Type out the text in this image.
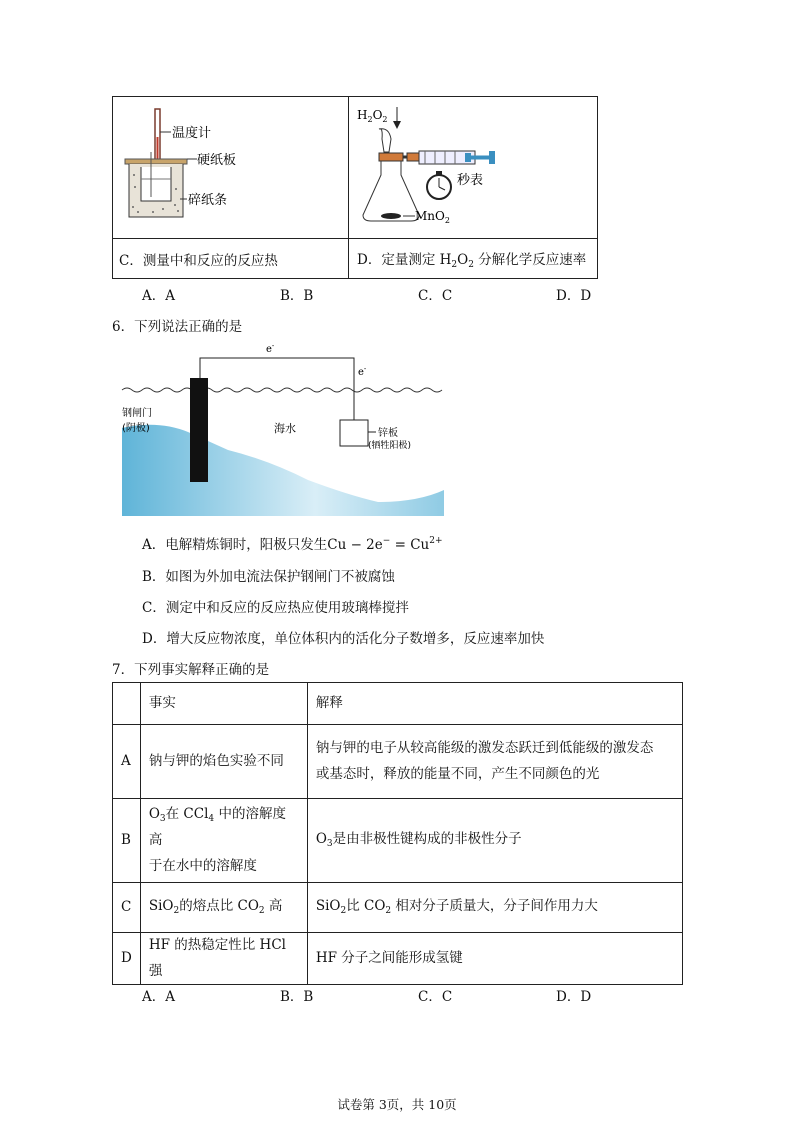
温度计
硬纸板
碎纸条	$H_2O_2$
秒表
MnO$_2$

C．测量中和反应的反应热	D．定量测定 $H_2O_2$ 分解化学反应速率
A．A	B．B	C．C	D．D
6．下列说法正确的是
e-
e-
钢闸门
(阴极)	海水	锌板
(牺牲阳极)
A．电解精炼铜时，阳极只发生$Cu - 2e^- = Cu^{2+}$
B．如图为外加电流法保护钢闸门不被腐蚀
C．测定中和反应的反应热应使用玻璃棒搅拌
D．增大反应物浓度，单位体积内的活化分子数增多，反应速率加快
7．下列事实解释正确的是
	事实	解释
A	钠与钾的焰色实验不同	钠与钾的电子从较高能级的激发态跃迁到低能级的激发态
或基态时，释放的能量不同，产生不同颜色的光

B	$O_3$在 CCl$_4$ 中的溶解度高
于在水中的溶解度	$O_3$是由非极性键构成的非极性分子
C	SiO$_2$的熔点比 $CO_2$ 高	SiO$_2$比 $CO_2$ 相对分子质量大，分子间作用力大
D	HF 的热稳定性比 HCl 强	HF 分子之间能形成氢键
A．A	B．B	C．C	D．D
试卷第 3页，共 10页
